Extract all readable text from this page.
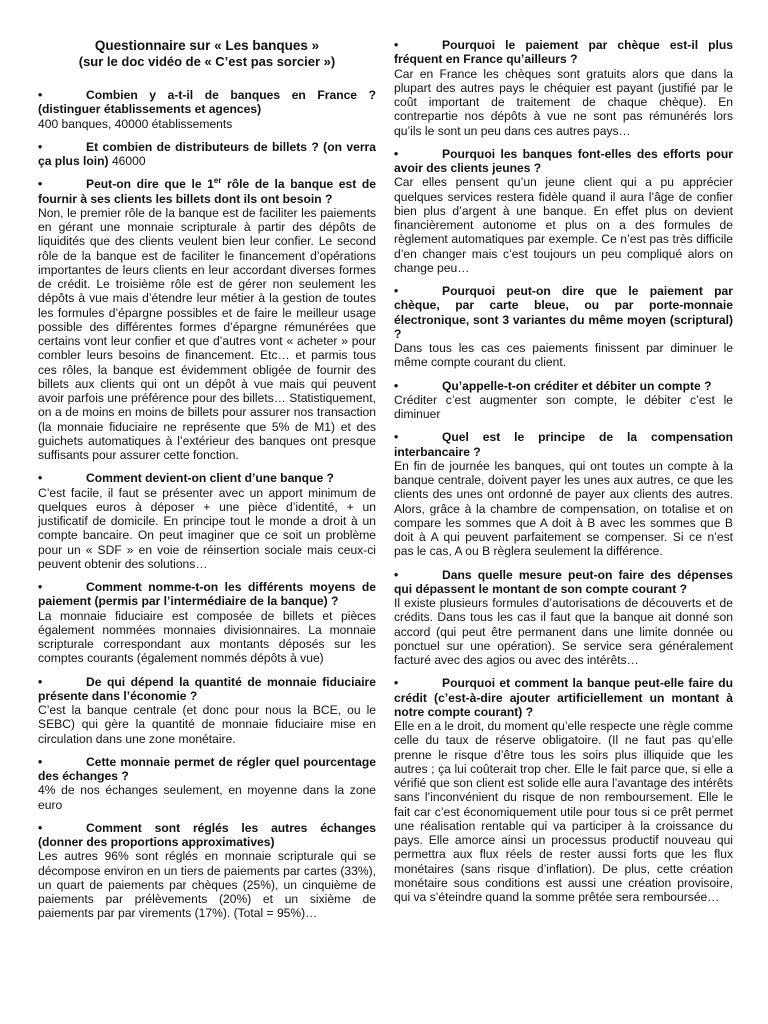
Questionnaire sur « Les banques »
(sur le doc vidéo de « C’est pas sorcier »)
•	Combien y a-t-il de banques en France ? (distinguer établissements et agences)
400 banques, 40000 établissements
•	Et combien de distributeurs de billets ? (on verra ça plus loin) 46000
•	Peut-on dire que le 1er rôle de la banque est de fournir à ses clients les billets dont ils ont besoin ?
Non, le premier rôle de la banque est de faciliter les paiements en gérant une monnaie scripturale à partir des dépôts de liquidités que des clients veulent bien leur confier. Le second rôle de la banque est de faciliter le financement d’opérations importantes de leurs clients en leur accordant diverses formes de crédit. Le troisième rôle est de gérer non seulement les dépôts à vue mais d’étendre leur métier à la gestion de toutes les formules d’épargne possibles et de faire le meilleur usage possible des différentes formes d’épargne rémunérées que certains vont leur confier et que d’autres vont « acheter » pour combler leurs besoins de financement. Etc… et parmis tous ces rôles, la banque est évidemment obligée de fournir des billets aux clients qui ont un dépôt à vue mais qui peuvent avoir parfois une préférence pour des billets… Statistiquement, on a de moins en moins de billets pour assurer nos transaction (la monnaie fiduciaire ne représente que 5% de M1) et des guichets automatiques à l’extérieur des banques ont presque suffisants pour assurer cette fonction.
•	Comment devient-on client d’une banque ?
C’est facile, il faut se présenter avec un apport minimum de quelques euros à déposer + une pièce d’identité, + un justificatif de domicile. En principe tout le monde a droit à un compte bancaire. On peut imaginer que ce soit un problème pour un « SDF » en voie de réinsertion sociale mais ceux-ci peuvent obtenir des solutions…
•	Comment nomme-t-on les différents moyens de paiement (permis par l’intermédiaire de la banque) ?
La monnaie fiduciaire est composée de billets et pièces également nommées monnaies divisionnaires. La monnaie scripturale correspondant aux montants déposés sur les comptes courants (également nommés dépôts à vue)
•	De qui dépend la quantité de monnaie fiduciaire présente dans l’économie ?
C’est la banque centrale (et donc pour nous la BCE, ou le SEBC) qui gère la quantité de monnaie fiduciaire mise en circulation dans une zone monétaire.
•	Cette monnaie permet de régler quel pourcentage des échanges ?
4% de nos échanges seulement, en moyenne dans la zone euro
•	Comment sont réglés les autres échanges (donner des proportions approximatives)
Les autres 96% sont réglés en monnaie scripturale qui se décompose environ en un tiers de paiements par cartes (33%), un quart de paiements par chèques (25%), un cinquième de paiements par prélèvements (20%) et un sixième de paiements par par virements (17%). (Total = 95%)…
•	Pourquoi le paiement par chèque est-il plus fréquent en France qu’ailleurs ?
Car en France les chèques sont gratuits alors que dans la plupart des autres pays le chéquier est payant (justifié par le coût important de traitement de chaque chèque). En contrepartie nos dépôts à vue ne sont pas rémunérés lors qu’ils le sont un peu dans ces autres pays…
•	Pourquoi les banques font-elles des efforts pour avoir des clients jeunes ?
Car elles pensent qu’un jeune client qui a pu apprécier quelques services restera fidèle quand il aura l’âge de confier bien plus d’argent à une banque. En effet plus on devient financièrement autonome et plus on a des formules de règlement automatiques par exemple. Ce n’est pas très difficile d’en changer mais c’est toujours un peu compliqué alors on change peu…
•	Pourquoi peut-on dire que le paiement par chèque, par carte bleue, ou par porte-monnaie électronique, sont 3 variantes du même moyen (scriptural) ?
Dans tous les cas ces paiements finissent par diminuer le même compte courant du client.
•	Qu’appelle-t-on créditer et débiter un compte ?
Créditer c’est augmenter son compte, le débiter c’est le diminuer
•	Quel est le principe de la compensation interbancaire ?
En fin de journée les banques, qui ont toutes un compte à la banque centrale, doivent payer les unes aux autres, ce que les clients des unes ont ordonné de payer aux clients des autres. Alors, grâce à la chambre de compensation, on totalise et on compare les sommes que A doit à B avec les sommes que B doit à A qui peuvent parfaitement se compenser. Si ce n’est pas le cas, A ou B règlera seulement la différence.
•	Dans quelle mesure peut-on faire des dépenses qui dépassent le montant de son compte courant ?
Il existe plusieurs formules d’autorisations de découverts et de crédits. Dans tous les cas il faut que la banque ait donné son accord (qui peut être permanent dans une limite donnée ou ponctuel sur une opération). Se service sera généralement facturé avec des agios ou avec des intérêts…
•	Pourquoi et comment la banque peut-elle faire du crédit (c’est-à-dire ajouter artificiellement un montant à notre compte courant) ?
Elle en a le droit, du moment qu’elle respecte une règle comme celle du taux de réserve obligatoire. (Il ne faut pas qu’elle prenne le risque d’être tous les soirs plus illiquide que les autres ; ça lui coûterait trop cher. Elle le fait parce que, si elle a vérifié que son client est solide elle aura l’avantage des intérêts sans l’inconvénient du risque de non remboursement. Elle le fait car c’est économiquement utile pour tous si ce prêt permet une réalisation rentable qui va participer à la croissance du pays. Elle amorce ainsi un processus productif nouveau qui permettra aux flux réels de rester aussi forts que les flux monétaires (sans risque d’inflation). De plus, cette création monétaire sous conditions est aussi une création provisoire, qui va s’éteindre quand la somme prêtée sera remboursée…
